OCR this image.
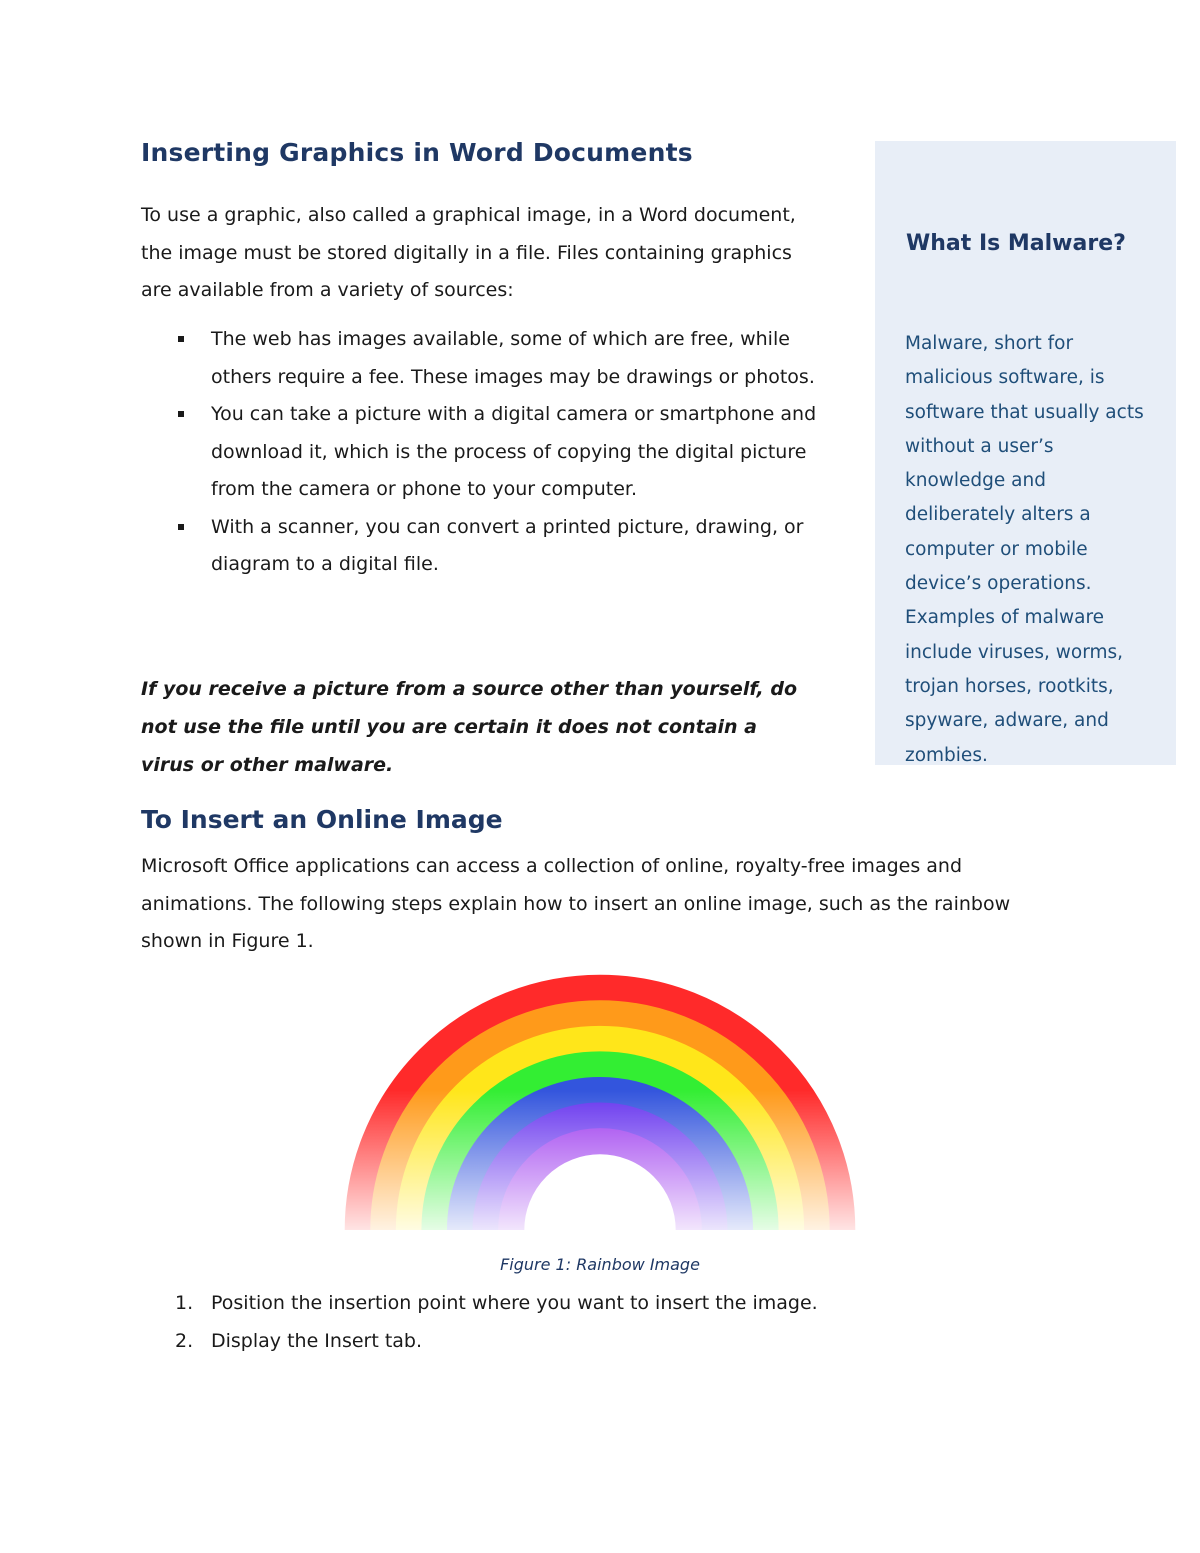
Inserting Graphics in Word Documents

To use a graphic, also called a graphical image, in a Word document, the image must be stored digitally in a file. Files containing graphics are available from a variety of sources:

The web has images available, some of which are free, while others require a fee. These images may be drawings or photos.
You can take a picture with a digital camera or smartphone and download it, which is the process of copying the digital picture from the camera or phone to your computer.
With a scanner, you can convert a printed picture, drawing, or diagram to a digital file.

If you receive a picture from a source other than yourself, do not use the file until you are certain it does not contain a virus or other malware.

To Insert an Online Image

Microsoft Office applications can access a collection of online, royalty-free images and animations. The following steps explain how to insert an online image, such as the rainbow shown in Figure 1.

Figure 1: Rainbow Image
1. Position the insertion point where you want to insert the image.
2. Display the Insert tab.
What Is Malware?
Malware, short for malicious software, is software that usually acts without a user’s knowledge and deliberately alters a computer or mobile device’s operations. Examples of malware include viruses, worms, trojan horses, rootkits, spyware, adware, and zombies.
